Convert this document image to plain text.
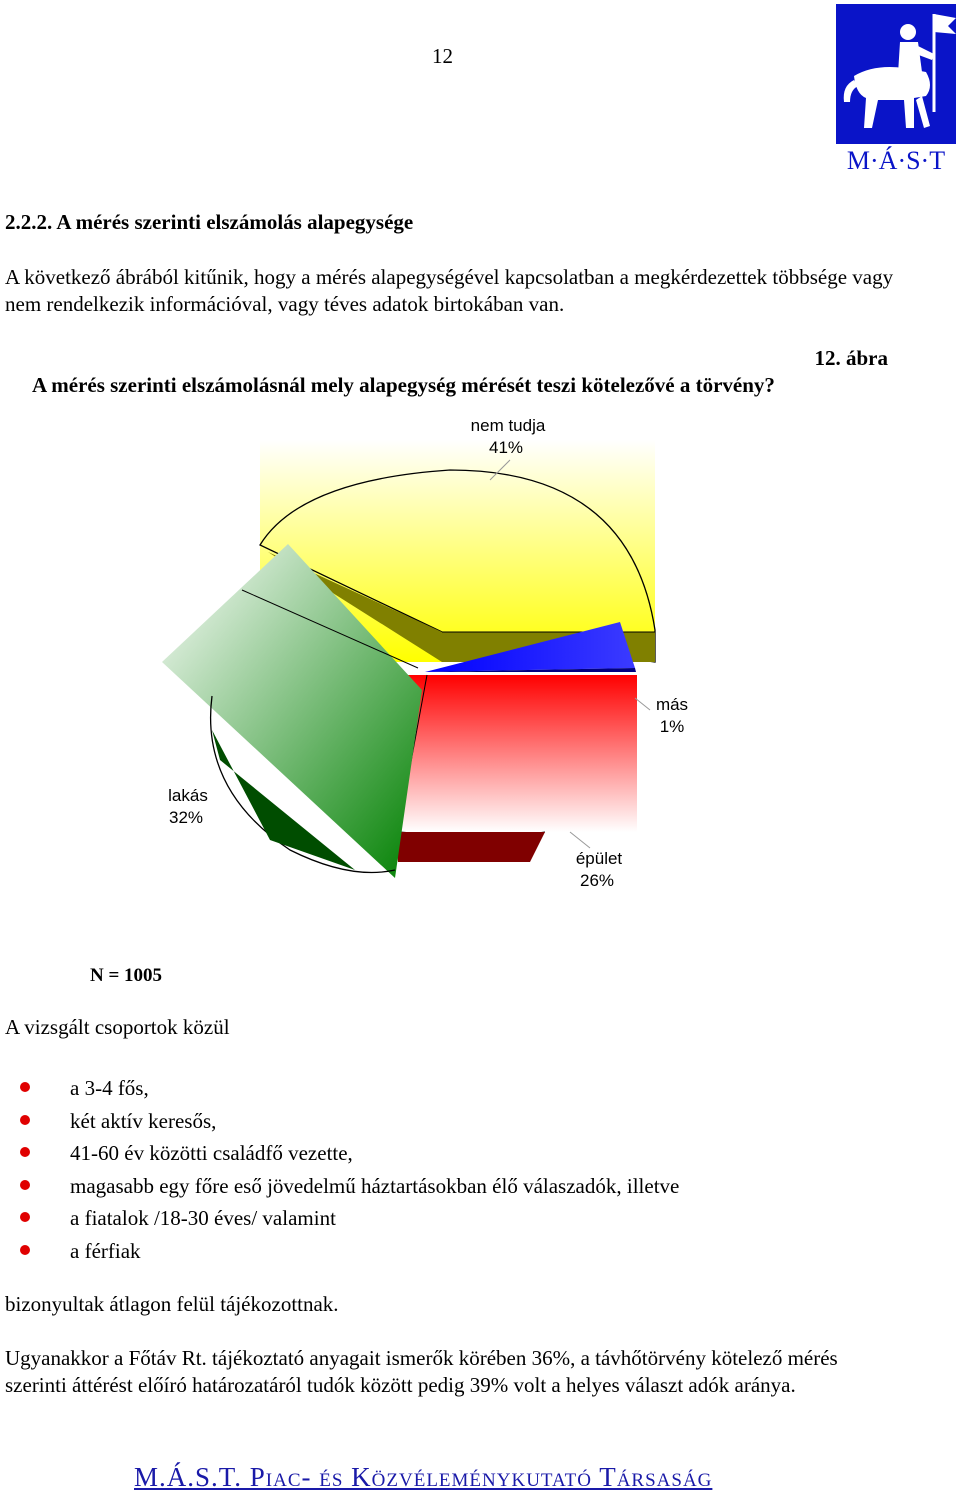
12
M·Á·S·T
2.2.2. A mérés szerinti elszámolás alapegysége
A következő ábrából kitűnik, hogy a mérés alapegységével kapcsolatban a megkérdezettek többsége vagy nem rendelkezik információval, vagy téves adatok birtokában van.
12. ábra
A mérés szerinti elszámolásnál mely alapegység mérését teszi kötelezővé a törvény?
nem tudja
41%
más
1%
épület
26%
lakás
32%
N = 1005
A vizsgált csoportok közül
a 3-4 fős,
két aktív keresős,
41-60 év közötti családfő vezette,
magasabb egy főre eső jövedelmű háztartásokban élő válaszadók, illetve
a fiatalok /18-30 éves/ valamint
a férfiak
bizonyultak átlagon felül tájékozottnak.
Ugyanakkor a Főtáv Rt. tájékoztató anyagait ismerők körében 36%, a távhőtörvény kötelező mérés szerinti áttérést előíró határozatáról tudók között pedig 39% volt a helyes választ adók aránya.
M.Á.S.T. Piac- és Közvéleménykutató Társaság
